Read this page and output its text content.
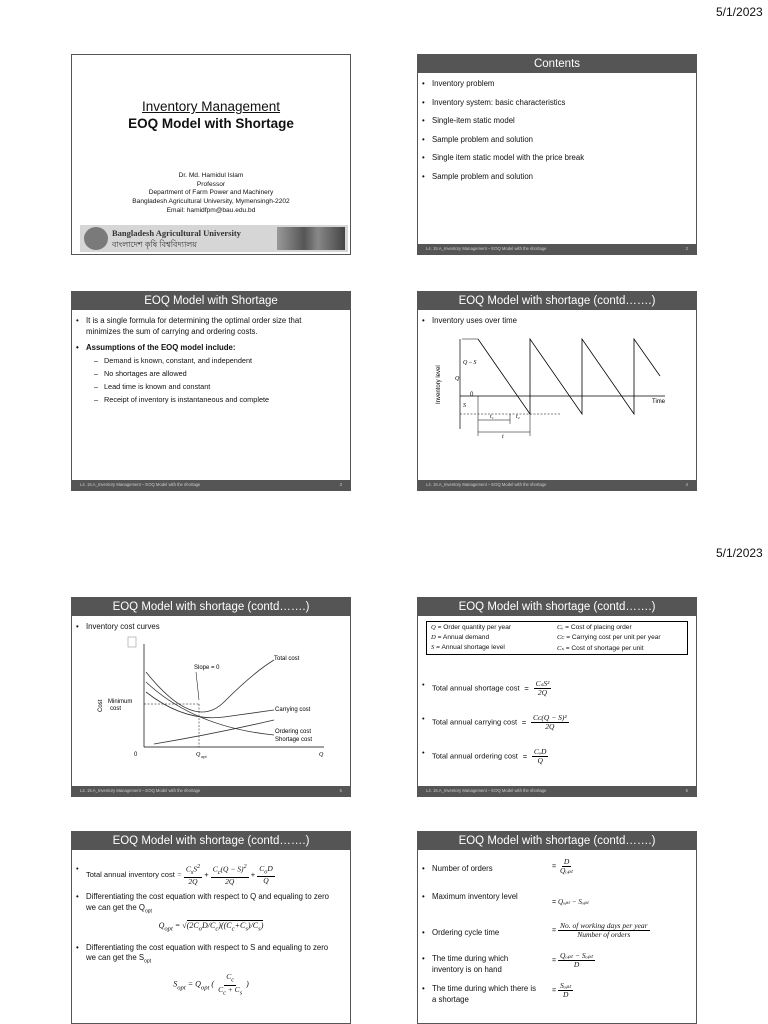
5/1/2023
5/1/2023
Inventory Management
EOQ Model with Shortage
Dr. Md. Hamidul Islam
Professor
Department of Farm Power and Machinery
Bangladesh Agricultural University, Mymensingh-2202
Email: hamidfpm@bau.edu.bd
Bangladesh Agricultural University
বাংলাদেশ কৃষি বিশ্ববিদ্যালয়
Contents
• Inventory problem
• Inventory system: basic characteristics
• Single-item static model
• Sample problem and solution
• Single item static model with the price break
• Sample problem and solution
L4. 15.A_Inventory Management – EOQ Model with the shortage	2
EOQ Model with Shortage
• It is a single formula for determining the optimal order size that minimizes the sum of carrying and ordering costs.
• Assumptions of the EOQ model include:
– Demand is known, constant, and independent
– No shortages are allowed
– Lead time is known and constant
– Receipt of inventory is instantaneous and complete
L4. 15.A_Inventory Management – EOQ Model with the shortage	3
EOQ Model with shortage (contd…….)
• Inventory uses over time
Inventory level
Q – S
Q
0
S
Time
t₁	t₂
t
L4. 15.A_Inventory Management – EOQ Model with the shortage	4
EOQ Model with shortage (contd…….)
• Inventory cost curves
Cost
Slope = 0
Total cost
Minimum
cost	Carrying cost
Ordering cost
Shortage cost
0	Q opt	Q
L4. 15.A_Inventory Management – EOQ Model with the shortage	5
EOQ Model with shortage (contd…….)
Q = Order quantity per year	Cₒ = Cost of placing order
D = Annual demand	Cᴄ = Carrying cost per unit per year
S = Annual shortage level	Cₛ = Cost of shortage per unit
• Total annual shortage $\cos t = \frac{\text{CₛS²}}{2Q}$
• Total annual carrying $\cos t = \frac{\text{Cᴄ(Q − S)²}}{2Q}$
• Total annual ordering $\cos t = \frac{\text{CₒD}}{Q}$
L4. 15.A_Inventory Management – EOQ Model with the shortage	6
EOQ Model with shortage (contd…….)
• Total annual inventory $\cos t = \frac{C_sS^2}{2Q} + \frac{C_c(Q - S)^2}{2Q} + \frac{C_oD}{Q}$
• Differentiating the cost equation with respect to Q and equaling to zero we can get the $Q_{opt}$
$Q_{opt} = √(2C_oD/C_c)((C_c+C_s)/C_s)$
• Differentiating the cost equation with respect to S and equaling to zero we can get the $S_{opt}$
$S_{opt} = Q_{opt}$ ( $\frac{C_c}{C_c + C_s}$ )
EOQ Model with shortage (contd…….)
• Number of orders	= $\frac{D}{\text{Qₒₚₜ}}$
• Maximum inventory level
= Qₒₚₜ − Sₒₚₜ
• Ordering cycle time	= $\frac{\text{No. of working days per year}}{\text{Number of orders}}$
• The time during which inventory is on hand
= $\frac{\text{Qₒₚₜ − Sₒₚₜ}}{D}$
• The time during which there is a shortage
= $\frac{\text{Sₒₚₜ}}{D}$
